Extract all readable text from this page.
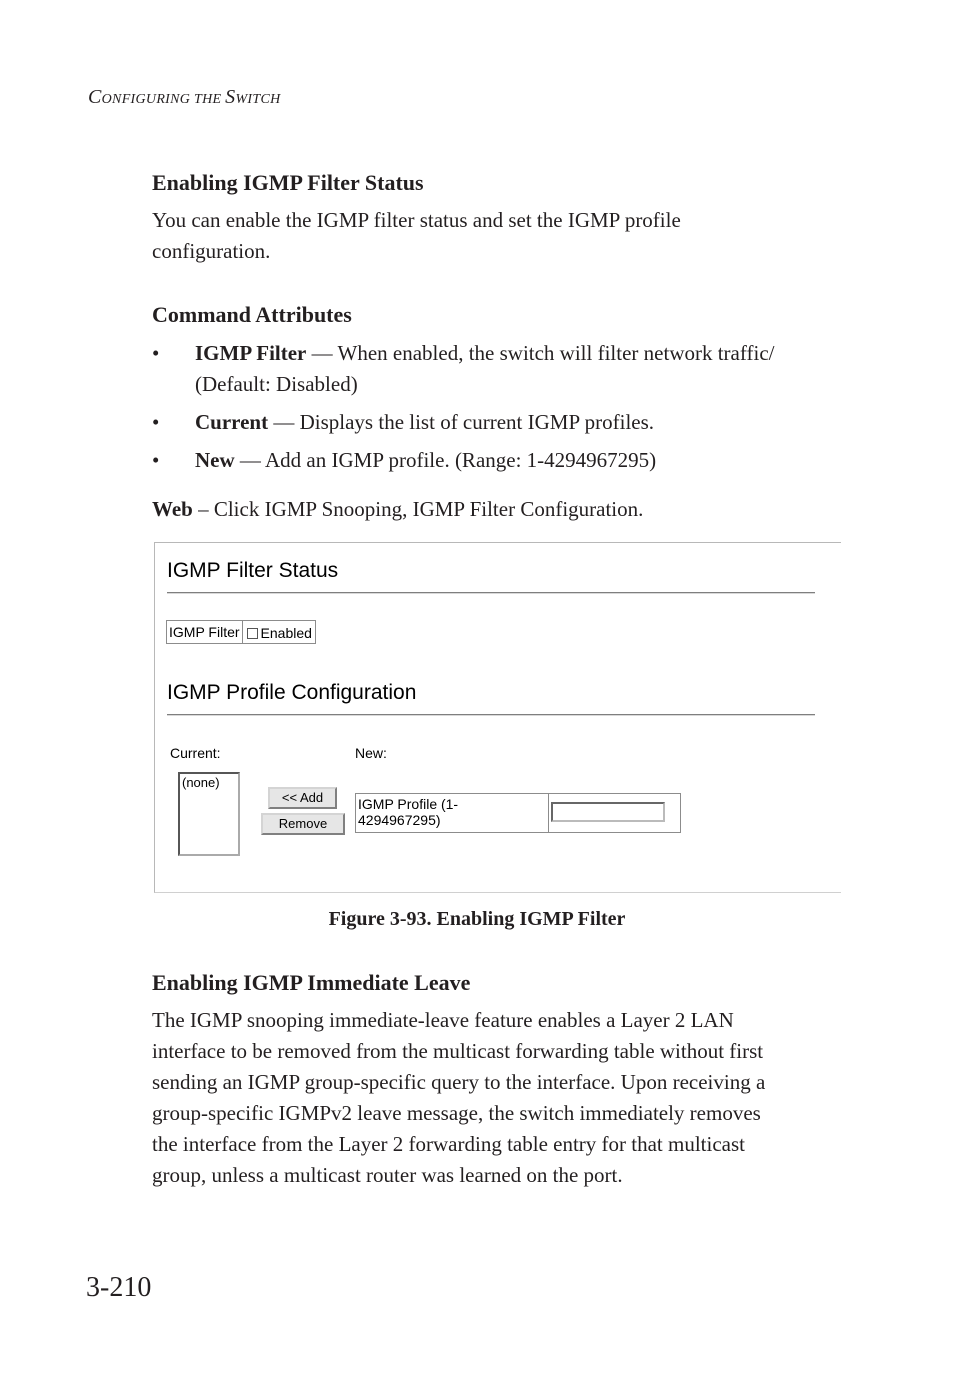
CONFIGURING THE SWITCH
Enabling IGMP Filter Status
You can enable the IGMP filter status and set the IGMP profile
configuration.
Command Attributes
• IGMP Filter — When enabled, the switch will filter network traffic/
(Default: Disabled)
• Current — Displays the list of current IGMP profiles.
• New — Add an IGMP profile. (Range: 1-4294967295)
Web – Click IGMP Snooping, IGMP Filter Configuration.
IGMP Filter Status
IGMP Filter Enabled
IGMP Profile Configuration
Current:	New:
(none)
<< Add
Remove
IGMP Profile (1-
4294967295)
Figure 3-93. Enabling IGMP Filter
Enabling IGMP Immediate Leave
The IGMP snooping immediate-leave feature enables a Layer 2 LAN
interface to be removed from the multicast forwarding table without first
sending an IGMP group-specific query to the interface. Upon receiving a
group-specific IGMPv2 leave message, the switch immediately removes
the interface from the Layer 2 forwarding table entry for that multicast
group, unless a multicast router was learned on the port.
3-210
